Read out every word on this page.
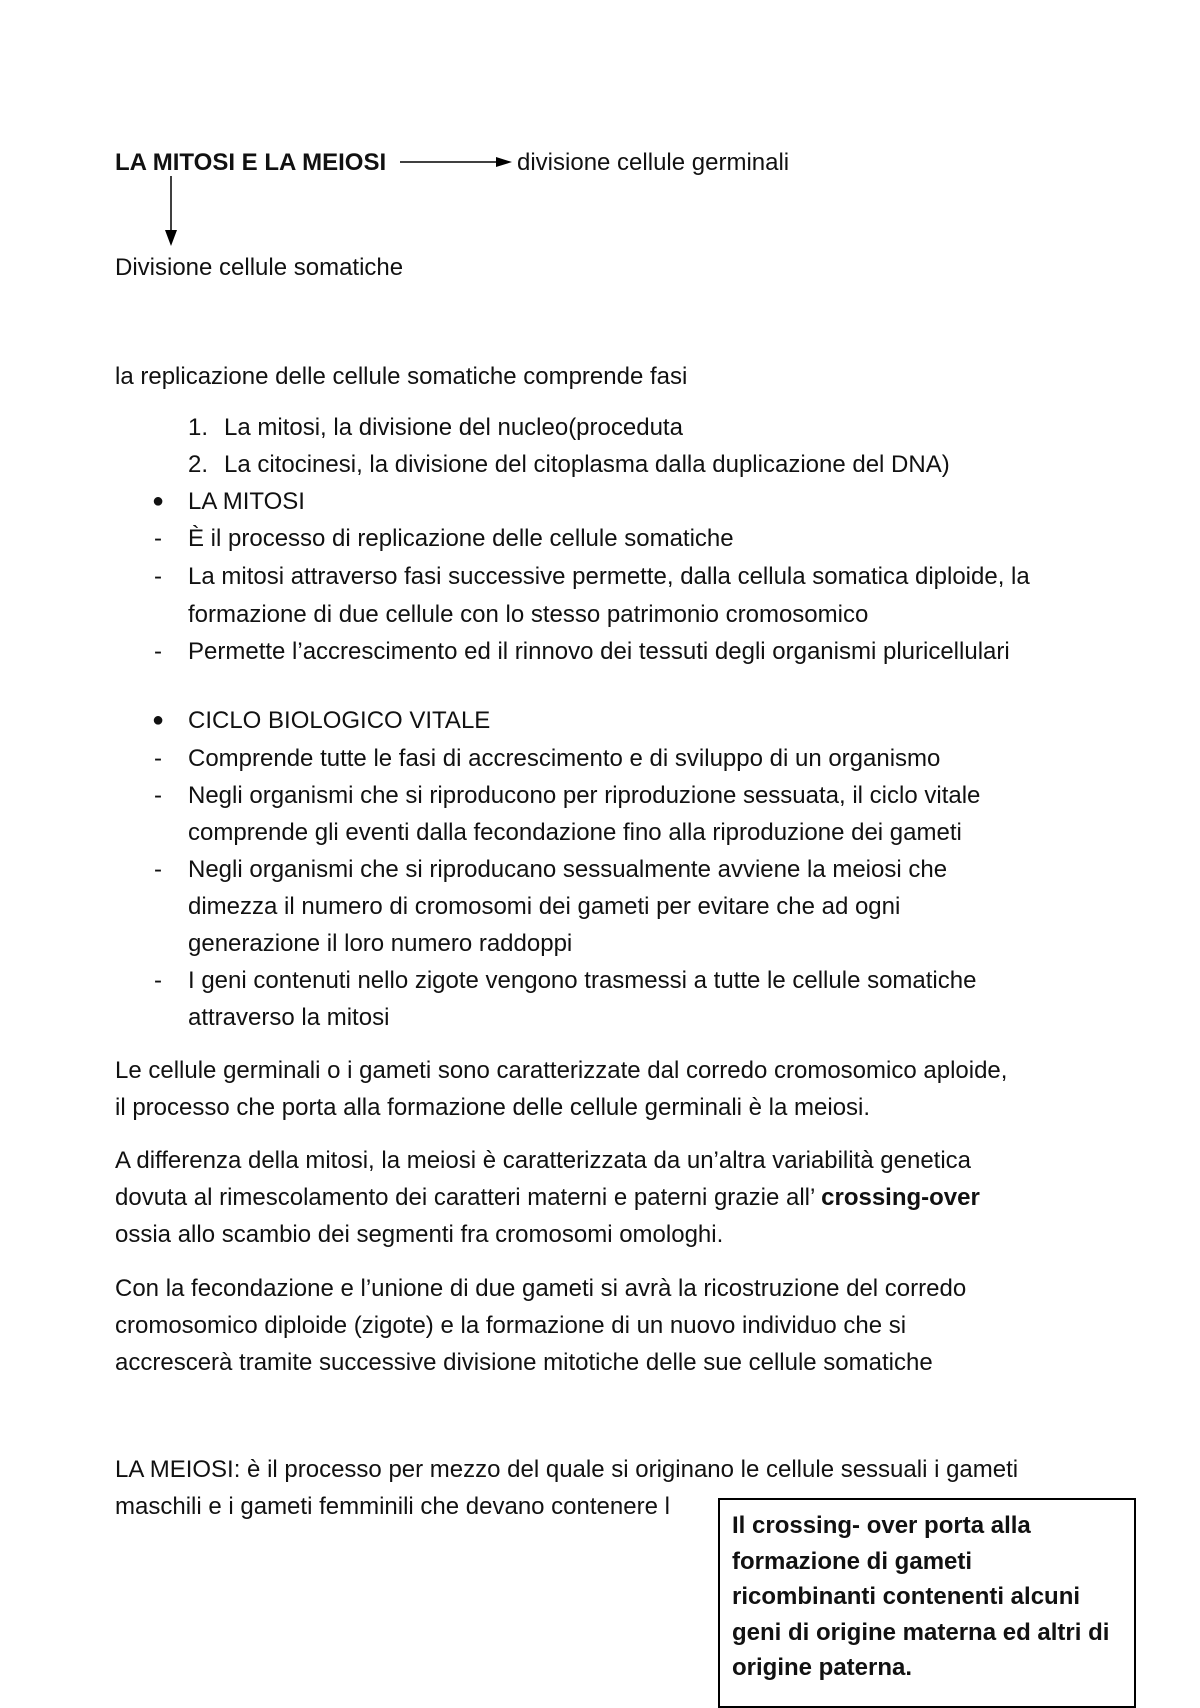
LA MITOSI E LA MEIOSI	divisione cellule germinali
Divisione cellule somatiche
la replicazione delle cellule somatiche comprende fasi
1. La mitosi, la divisione del nucleo(proceduta
2. La citocinesi, la divisione del citoplasma dalla duplicazione del DNA)
● LA MITOSI
- È il processo di replicazione delle cellule somatiche
- La mitosi attraverso fasi successive permette, dalla cellula somatica diploide, la
formazione di due cellule con lo stesso patrimonio cromosomico
- Permette l’accrescimento ed il rinnovo dei tessuti degli organismi pluricellulari
● CICLO BIOLOGICO VITALE
- Comprende tutte le fasi di accrescimento e di sviluppo di un organismo
- Negli organismi che si riproducono per riproduzione sessuata, il ciclo vitale
comprende gli eventi dalla fecondazione fino alla riproduzione dei gameti
- Negli organismi che si riproducano sessualmente avviene la meiosi che
dimezza il numero di cromosomi dei gameti per evitare che ad ogni
generazione il loro numero raddoppi
- I geni contenuti nello zigote vengono trasmessi a tutte le cellule somatiche
attraverso la mitosi
Le cellule germinali o i gameti sono caratterizzate dal corredo cromosomico aploide,
il processo che porta alla formazione delle cellule germinali è la meiosi.
A differenza della mitosi, la meiosi è caratterizzata da un’altra variabilità genetica
dovuta al rimescolamento dei caratteri materni e paterni grazie all’ crossing-over
ossia allo scambio dei segmenti fra cromosomi omologhi.
Con la fecondazione e l’unione di due gameti si avrà la ricostruzione del corredo
cromosomico diploide (zigote) e la formazione di un nuovo individuo che si
accrescerà tramite successive divisione mitotiche delle sue cellule somatiche
LA MEIOSI: è il processo per mezzo del quale si originano le cellule sessuali i gameti
maschili e i gameti femminili che devano contenere l
Il crossing- over porta alla formazione di gameti ricombinanti contenenti alcuni geni di origine materna ed altri di origine paterna.
